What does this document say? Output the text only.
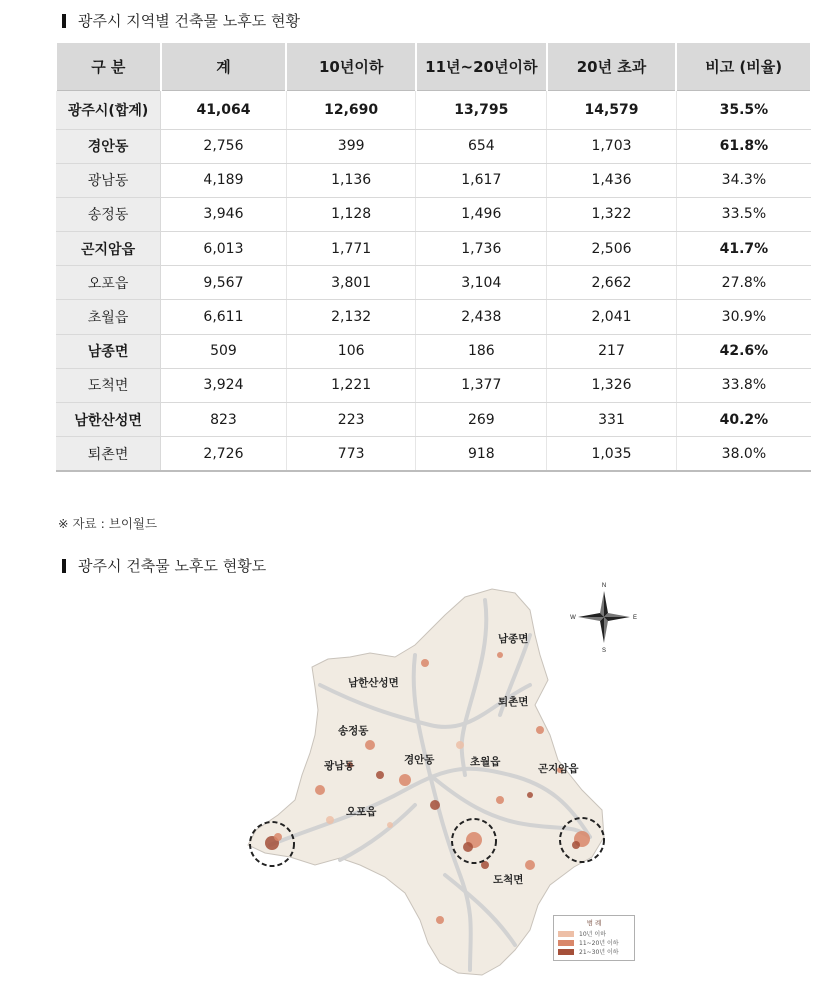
광주시 지역별 건축물 노후도 현황
구 분	계	10년이하	11년~20년이하	20년 초과	비고 (비율)
광주시(합계)	41,064	12,690	13,795	14,579	35.5%
경안동	2,756	399	654	1,703	61.8%
광남동	4,189	1,136	1,617	1,436	34.3%
송정동	3,946	1,128	1,496	1,322	33.5%
곤지암읍	6,013	1,771	1,736	2,506	41.7%
오포읍	9,567	3,801	3,104	2,662	27.8%
초월읍	6,611	2,132	2,438	2,041	30.9%
남종면	509	106	186	217	42.6%
도척면	3,924	1,221	1,377	1,326	33.8%
남한산성면	823	223	269	331	40.2%
퇴촌면	2,726	773	918	1,035	38.0%
※ 자료 : 브이월드
광주시 건축물 노후도 현황도
N
S
E
W
남종면
남한산성면
퇴촌면
송정동
경안동	초월읍
곤지암읍
광남동
오포읍
도척면
범 례
10년 이하
11~20년 이하
21~30년 이하
